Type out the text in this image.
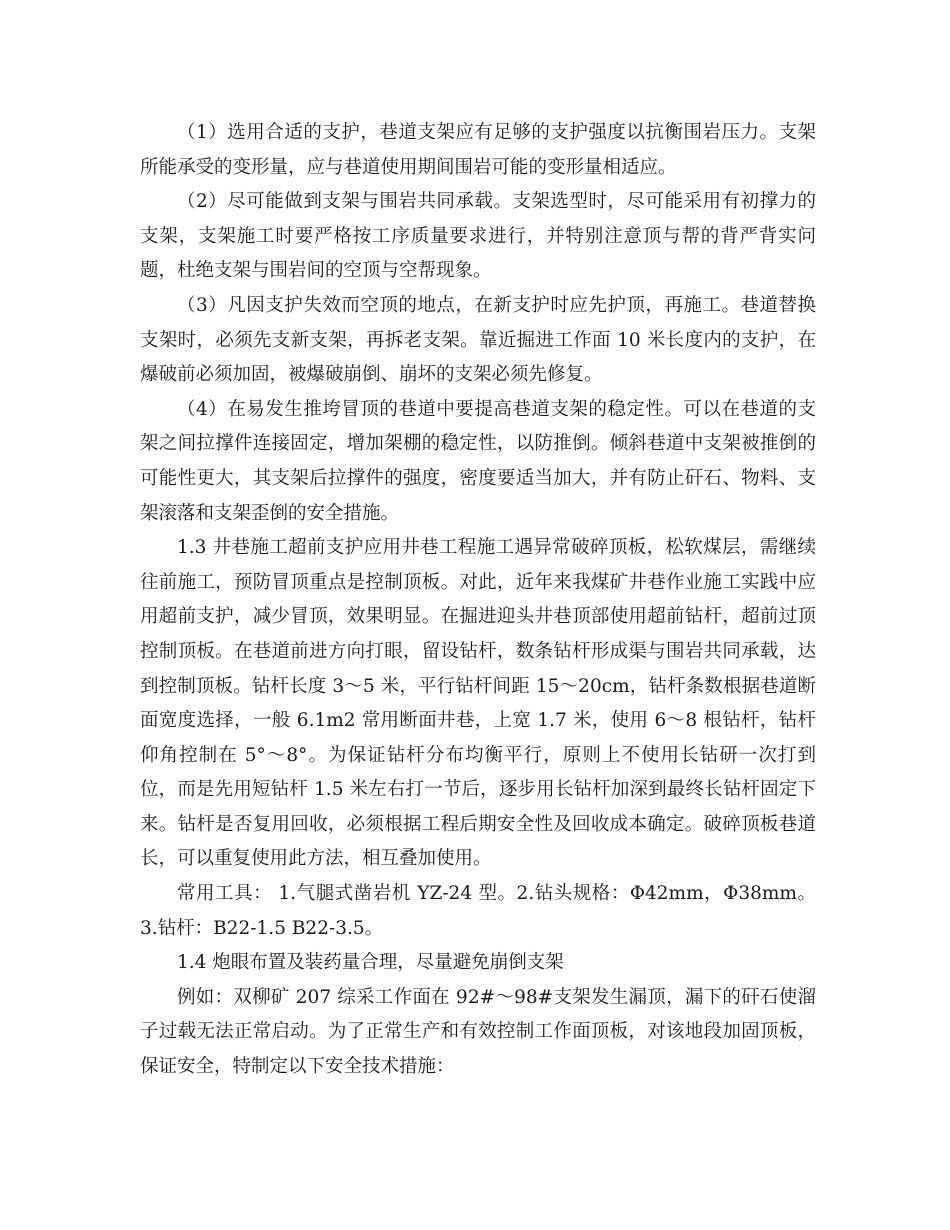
（1）选用合适的支护，巷道支架应有足够的支护强度以抗衡围岩压力。支架所能承受的变形量，应与巷道使用期间围岩可能的变形量相适应。

（2）尽可能做到支架与围岩共同承载。支架选型时，尽可能采用有初撑力的支架，支架施工时要严格按工序质量要求进行，并特别注意顶与帮的背严背实问题，杜绝支架与围岩间的空顶与空帮现象。

（3）凡因支护失效而空顶的地点，在新支护时应先护顶，再施工。巷道替换支架时，必须先支新支架，再拆老支架。靠近掘进工作面 10 米长度内的支护，在爆破前必须加固，被爆破崩倒、崩坏的支架必须先修复。

（4）在易发生推垮冒顶的巷道中要提高巷道支架的稳定性。可以在巷道的支架之间拉撑件连接固定，增加架棚的稳定性，以防推倒。倾斜巷道中支架被推倒的可能性更大，其支架后拉撑件的强度，密度要适当加大，并有防止矸石、物料、支架滚落和支架歪倒的安全措施。

1.3 井巷施工超前支护应用井巷工程施工遇异常破碎顶板，松软煤层，需继续往前施工，预防冒顶重点是控制顶板。对此，近年来我煤矿井巷作业施工实践中应用超前支护，减少冒顶，效果明显。在掘进迎头井巷顶部使用超前钻杆，超前过顶控制顶板。在巷道前进方向打眼，留设钻杆，数条钻杆形成渠与围岩共同承载，达到控制顶板。钻杆长度 3～5 米，平行钻杆间距 15～20cm，钻杆条数根据巷道断面宽度选择，一般 6.1m2 常用断面井巷，上宽 1.7 米，使用 6～8 根钻杆，钻杆仰角控制在 5°～8°。为保证钻杆分布均衡平行，原则上不使用长钻研一次打到位，而是先用短钻杆 1.5 米左右打一节后，逐步用长钻杆加深到最终长钻杆固定下来。钻杆是否复用回收，必须根据工程后期安全性及回收成本确定。破碎顶板巷道长，可以重复使用此方法，相互叠加使用。

常用工具： 1.气腿式凿岩机 YZ-24 型。2.钻头规格：Φ42mm，Φ38mm。3.钻杆：B22-1.5 B22-3.5。

1.4 炮眼布置及装药量合理，尽量避免崩倒支架

例如：双柳矿 207 综采工作面在 92#～98#支架发生漏顶，漏下的矸石使溜子过载无法正常启动。为了正常生产和有效控制工作面顶板，对该地段加固顶板，保证安全，特制定以下安全技术措施：
